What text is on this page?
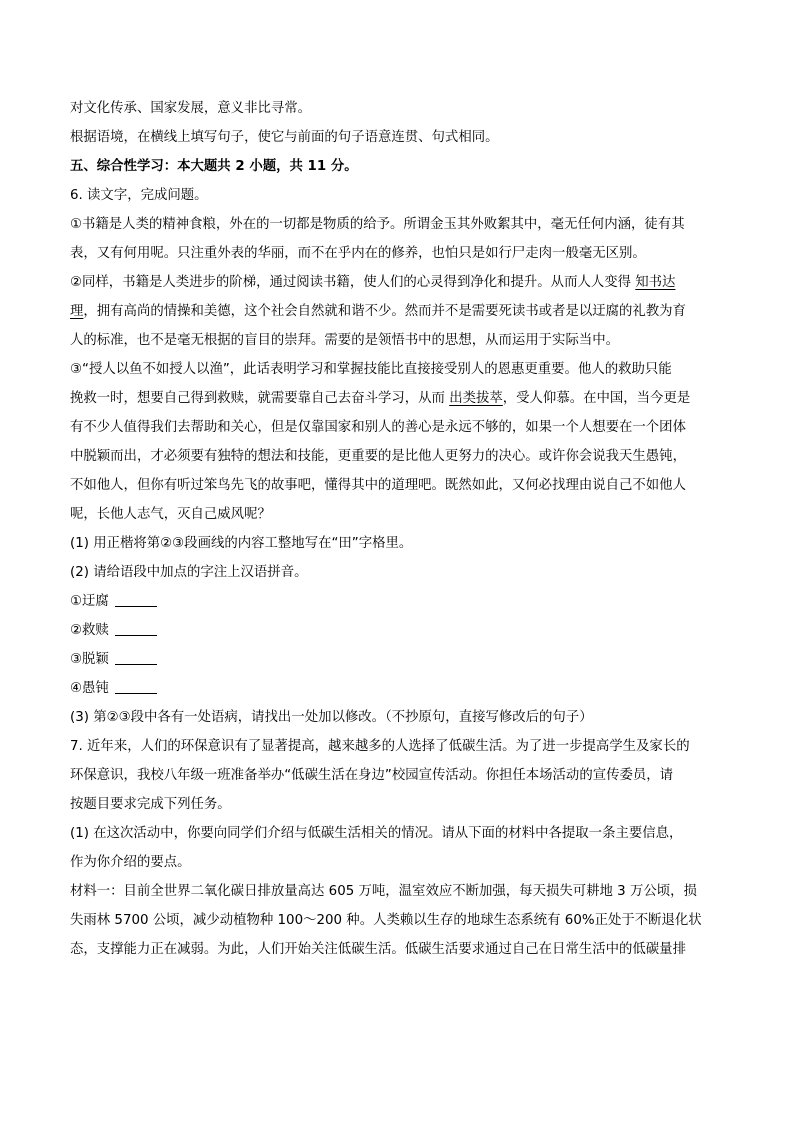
对文化传承、国家发展，意义非比寻常。
根据语境，在横线上填写句子，使它与前面的句子语意连贯、句式相同。
五、综合性学习：本大题共 2 小题，共 11 分。
6. 读文字，完成问题。
①书籍是人类的精神食粮，外在的一切都是物质的给予。所谓金玉其外败絮其中，毫无任何内涵，徒有其
表，又有何用呢。只注重外表的华丽，而不在乎内在的修养，也怕只是如行尸走肉一般毫无区别。
②同样，书籍是人类进步的阶梯，通过阅读书籍，使人们的心灵得到净化和提升。从而人人变得 知书达
理，拥有高尚的情操和美德，这个社会自然就和谐不少。然而并不是需要死读书或者是以迂腐的礼教为育
人的标准，也不是毫无根据的盲目的崇拜。需要的是领悟书中的思想，从而运用于实际当中。
③“授人以鱼不如授人以渔”，此话表明学习和掌握技能比直接接受别人的恩惠更重要。他人的救助只能
挽救一时，想要自己得到救赎，就需要靠自己去奋斗学习，从而 出类拔萃，受人仰慕。在中国，当今更是
有不少人值得我们去帮助和关心，但是仅靠国家和别人的善心是永远不够的，如果一个人想要在一个团体
中脱颖而出，才必须要有独特的想法和技能，更重要的是比他人更努力的决心。或许你会说我天生愚钝，
不如他人，但你有听过笨鸟先飞的故事吧，懂得其中的道理吧。既然如此，又何必找理由说自己不如他人
呢，长他人志气，灭自己威风呢？
(1) 用正楷将第②③段画线的内容工整地写在“田”字格里。
(2) 请给语段中加点的字注上汉语拼音。
①迂腐
②救赎
③脱颖
④愚钝
(3) 第②③段中各有一处语病，请找出一处加以修改。（不抄原句，直接写修改后的句子）
7. 近年来，人们的环保意识有了显著提高，越来越多的人选择了低碳生活。为了进一步提高学生及家长的
环保意识，我校八年级一班准备举办“低碳生活在身边”校园宣传活动。你担任本场活动的宣传委员，请
按题目要求完成下列任务。
(1) 在这次活动中，你要向同学们介绍与低碳生活相关的情况。请从下面的材料中各提取一条主要信息，
作为你介绍的要点。
材料一：目前全世界二氧化碳日排放量高达 605 万吨，温室效应不断加强，每天损失可耕地 3 万公顷，损
失雨林 5700 公顷，减少动植物种 100～200 种。人类赖以生存的地球生态系统有 60%正处于不断退化状
态，支撑能力正在减弱。为此，人们开始关注低碳生活。低碳生活要求通过自己在日常生活中的低碳量排
